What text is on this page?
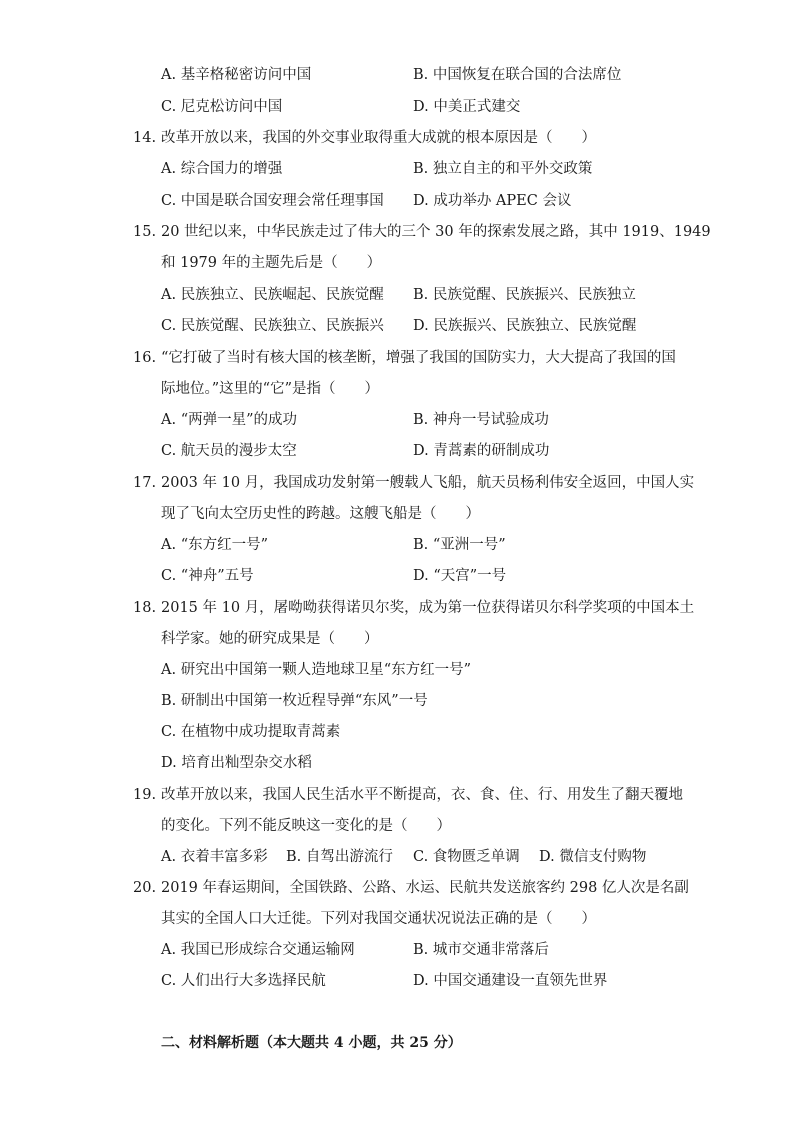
A. 基辛格秘密访问中国	B. 中国恢复在联合国的合法席位
C. 尼克松访问中国	D. 中美正式建交
14. 改革开放以来，我国的外交事业取得重大成就的根本原因是（　　）
A. 综合国力的增强	B. 独立自主的和平外交政策
C. 中国是联合国安理会常任理事国 D. 成功举办 APEC 会议
15. 20 世纪以来，中华民族走过了伟大的三个 30 年的探索发展之路，其中 1919、1949
和 1979 年的主题先后是（　　）
A. 民族独立、民族崛起、民族觉醒 B. 民族觉醒、民族振兴、民族独立
C. 民族觉醒、民族独立、民族振兴 D. 民族振兴、民族独立、民族觉醒
16. “它打破了当时有核大国的核垄断，增强了我国的国防实力，大大提高了我国的国
际地位。”这里的“它”是指（　　）
A. “两弹一星”的成功	B. 神舟一号试验成功
C. 航天员的漫步太空	D. 青蒿素的研制成功
17. 2003 年 10 月，我国成功发射第一艘载人飞船，航天员杨利伟安全返回，中国人实
现了飞向太空历史性的跨越。这艘飞船是（　　）
A. “东方红一号”	B. “亚洲一号”
C. “神舟”五号	D. “天宫”一号
18. 2015 年 10 月，屠呦呦获得诺贝尔奖，成为第一位获得诺贝尔科学奖项的中国本土
科学家。她的研究成果是（　　）
A. 研究出中国第一颗人造地球卫星“东方红一号”
B. 研制出中国第一枚近程导弹“东风”一号
C. 在植物中成功提取青蒿素
D. 培育出籼型杂交水稻
19. 改革开放以来，我国人民生活水平不断提高，衣、食、住、行、用发生了翻天覆地
的变化。下列不能反映这一变化的是（　　）
A. 衣着丰富多彩 B. 自驾出游流行 C. 食物匮乏单调 D. 微信支付购物
20. 2019 年春运期间，全国铁路、公路、水运、民航共发送旅客约 298 亿人次是名副
其实的全国人口大迁徙。下列对我国交通状况说法正确的是（　　）
A. 我国已形成综合交通运输网	B. 城市交通非常落后
C. 人们出行大多选择民航	D. 中国交通建设一直领先世界
二、材料解析题（本大题共 4 小题，共 25 分）
